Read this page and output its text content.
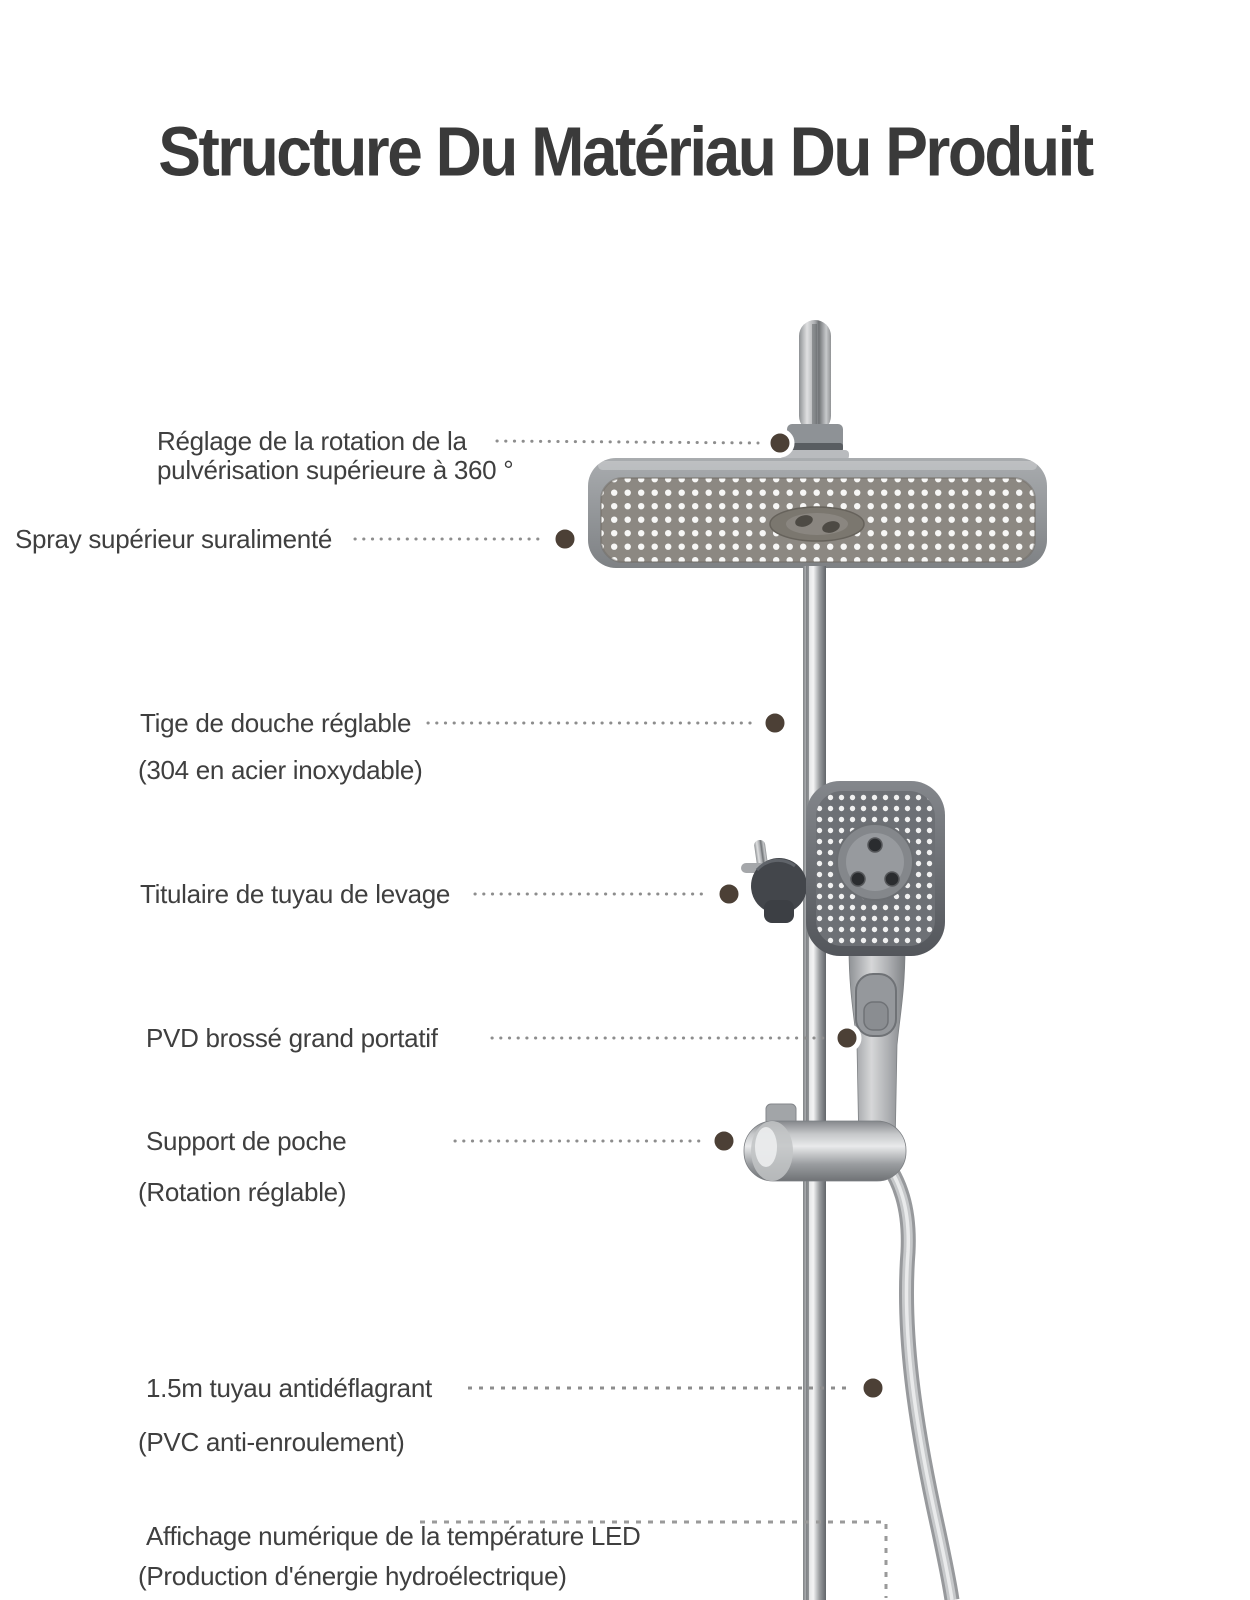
Structure Du Matériau Du Produit
Réglage de la rotation de la
pulvérisation supérieure à 360 °
Spray supérieur suralimenté
Tige de douche réglable
(304 en acier inoxydable)
Titulaire de tuyau de levage
PVD brossé grand portatif
Support de poche
(Rotation réglable)
1.5m tuyau antidéflagrant
(PVC anti-enroulement)
Affichage numérique de la température LED
(Production d'énergie hydroélectrique)
